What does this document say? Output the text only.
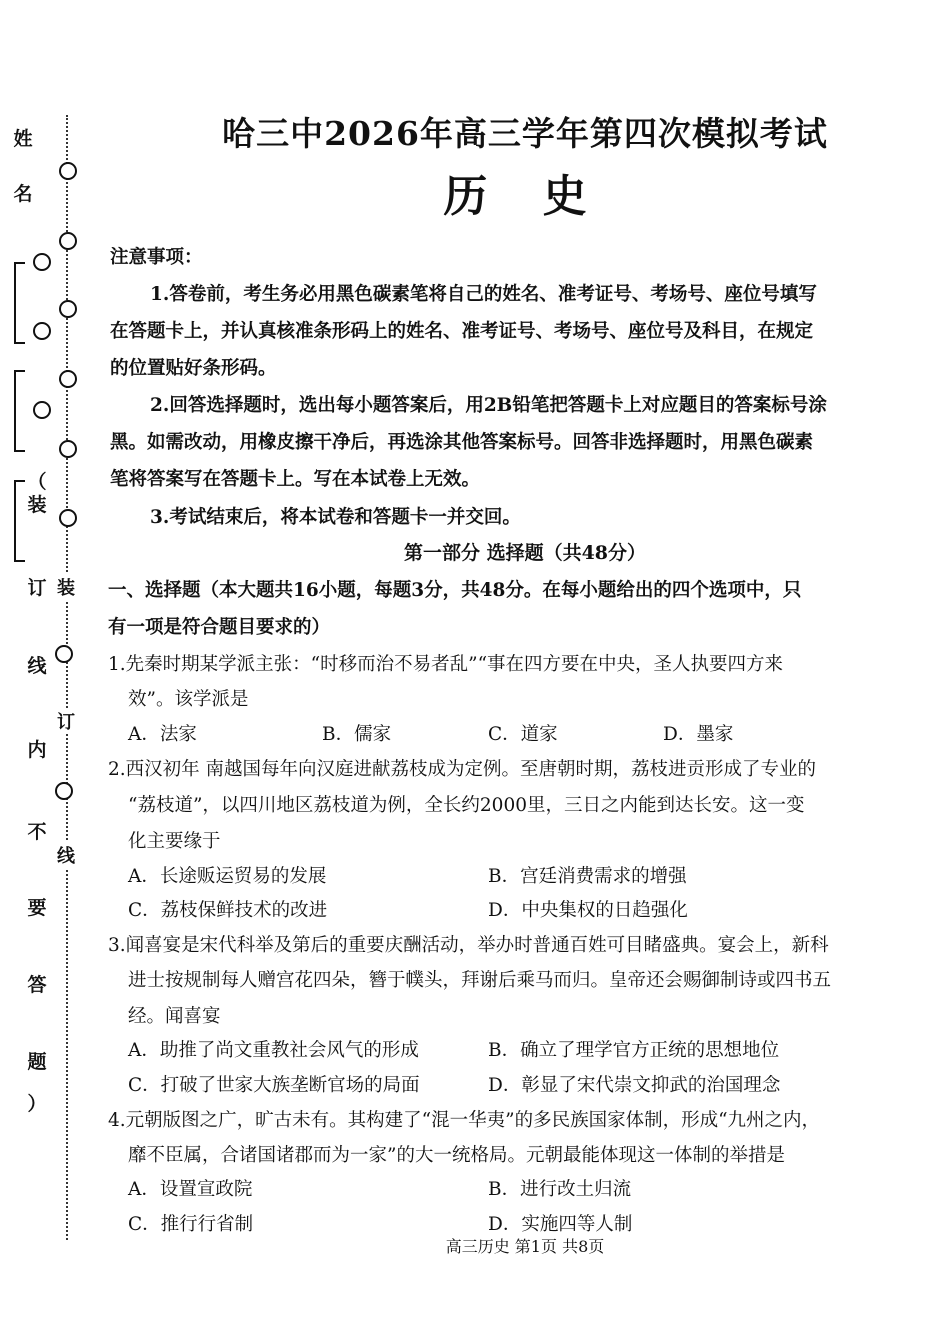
姓
名
（
装
订
线
内
不
要
答
题
）
装
订
线
哈三中2026年高三学年第四次模拟考试
历 史
注意事项：
1.答卷前，考生务必用黑色碳素笔将自己的姓名、准考证号、考场号、座位号填写
在答题卡上，并认真核准条形码上的姓名、准考证号、考场号、座位号及科目，在规定
的位置贴好条形码。
2.回答选择题时，选出每小题答案后，用2B铅笔把答题卡上对应题目的答案标号涂
黑。如需改动，用橡皮擦干净后，再选涂其他答案标号。回答非选择题时，用黑色碳素
笔将答案写在答题卡上。写在本试卷上无效。
3.考试结束后，将本试卷和答题卡一并交回。
第一部分 选择题（共48分）
一、选择题（本大题共16小题，每题3分，共48分。在每小题给出的四个选项中，只
有一项是符合题目要求的）
1.先秦时期某学派主张：“时移而治不易者乱”“事在四方要在中央，圣人执要四方来
效”。该学派是
A．法家	B．儒家	C．道家	D．墨家
2.西汉初年 南越国每年向汉庭进献荔枝成为定例。至唐朝时期，荔枝进贡形成了专业的
“荔枝道”，以四川地区荔枝道为例，全长约2000里，三日之内能到达长安。这一变
化主要缘于
A．长途贩运贸易的发展	B．宫廷消费需求的增强
C．荔枝保鲜技术的改进	D．中央集权的日趋强化
3.闻喜宴是宋代科举及第后的重要庆酬活动，举办时普通百姓可目睹盛典。宴会上，新科
进士按规制每人赠宫花四朵，簪于幞头，拜谢后乘马而归。皇帝还会赐御制诗或四书五
经。闻喜宴
A．助推了尚文重教社会风气的形成	B．确立了理学官方正统的思想地位
C．打破了世家大族垄断官场的局面	D．彰显了宋代崇文抑武的治国理念
4.元朝版图之广，旷古未有。其构建了“混一华夷”的多民族国家体制，形成“九州之内，
靡不臣属，合诸国诸郡而为一家”的大一统格局。元朝最能体现这一体制的举措是
A．设置宣政院	B．进行改土归流
C．推行行省制	D．实施四等人制
高三历史 第1页 共8页
